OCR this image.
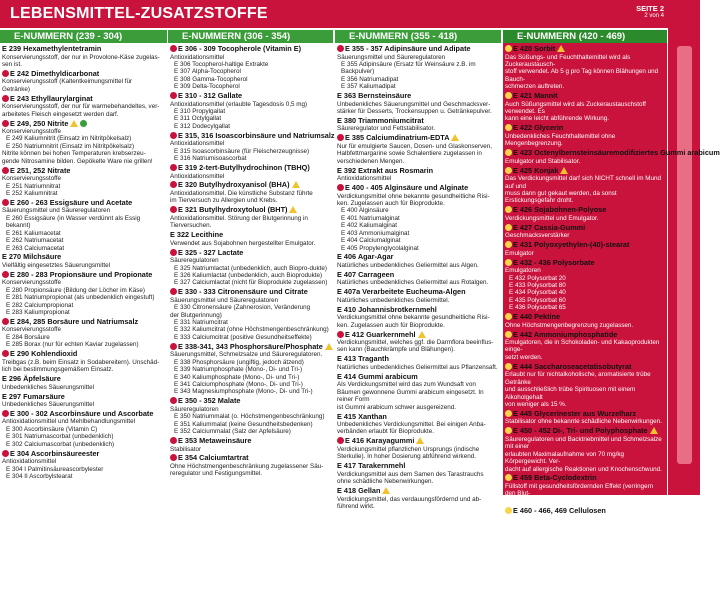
LEBENSMITTEL-ZUSATZSTOFFE	SEITE 2
2 von 4
E-NUMMERN (239 - 304)
E 239 Hexamethylentetramin
Konservierungsstoff, der nur in Provolone-Käse zugelas-
sen ist.
E 242 Dimethyldicarbonat
Konservierungsstoff (Kaltentkeimungsmittel für
Getränke)
E 243 Ethyllaurylarginat
Konservierungsstoff, der nur für warmebehandeltes, ver-
arbeitetes Fleisch eingesetzt werden darf.
E 249, 250 Nitrite
Konservierungsstoffe
E 249 Kaliumnitrit (Einsatz im Nitritpökelsalz)
E 250 Natriumnitrit (Einsatz im Nitritpökelsalz)
Nitrite können bei hohen Temperaturen krebserzeu-
gende Nitrosamine bilden. Gepökelte Ware nie grillen!
E 251, 252 Nitrate
Konservierungsstoffe
E 251 Natriumnitrat
E 252 Kaliumnitrat
E 260 - 263 Essigsäure und Acetate
Säuerungsmittel und Säureregulatoren
E 260 Essigsäure (in Wasser verdünnt als Essig bekannt)
E 261 Kaliumacetat
E 262 Natriumacetat
E 263 Calciumacetat
E 270 Milchsäure
Vielfältig eingesetztes Säuerungsmittel
E 280 - 283 Propionsäure und Propionate
Konservierungsstoffe
E 280 Propionsäure (Bildung der Löcher im Käse)
E 281 Natriumpropionat (als unbedenklich eingestuft)
E 282 Calciumpropionat
E 283 Kaliumpropionat
E 284, 285 Borsäure und Natriumsalz
Konservierungsstoffe
E 284 Borsäure
E 285 Borax (nur für echten Kaviar zugelassen)
E 290 Kohlendioxid
Treibgas (z.B. beim Einsatz in Sodabereitern). Unschäd-
lich bei bestimmungsgemäßem Einsatz.
E 296 Äpfelsäure
Unbedenkliches Säuerungsmittel
E 297 Fumarsäure
Unbedenkliches Säuerungsmittel
E 300 - 302 Ascorbinsäure und Ascorbate
Antioxidationsmittel und Mehlbehandlungsmittel
E 300 Ascorbinsäure (Vitamin C)
E 301 Natriumascorbat (unbedenklich)
E 302 Calciumascorbat (unbedenklich)
E 304 Ascorbinsäureester
Antioxidationsmittel
E 304 I Palmitinsäureascorbylester
E 304 II Ascorbylstearat
E-NUMMERN (306 - 354)
E 306 - 309 Tocopherole (Vitamin E)
Antioxidationsmittel
E 306 Tocopherol-haltige Extrakte
E 307 Alpha-Tocopherol
E 308 Gamma-Tocopherol
E 309 Delta-Tocopherol
E 310 - 312 Gallate
Antioxidationsmittel (erlaubte Tagesdosis 0,5 mg)
E 310 Propylgallat
E 311 Octylgallat
E 312 Dodecylgallat
E 315, 316 Isoascorbinsäure und Natriumsalz
Antioxidationsmittel
E 315 Isoascorbinsäure (für Fleischerzeugnisse)
E 316 Natriumisoascorbat
E 319 2-tert-Butylhydrochinon (TBHQ)
Antioxidationsmittel
E 320 Butylhydroxyanisol (BHA)
Antioxidationsmittel. Die künstliche Substanz führte
im Tierversuch zu Allergien und Krebs.
E 321 Butylhydroxytoluol (BHT)
Antioxidationsmittel. Störung der Blutgerinnung in
Tierversuchen.
E 322 Lecithine
Verwendet aus Sojabohnen hergestellter Emulgator.
E 325 - 327 Lactate
Säureregulatoren
E 325 Natriumlactat (unbedenklich, auch Biopro-dukte)
E 326 Kaliumlactat (unbedenklich, auch Bioprodukte)
E 327 Calciumlactat (nicht für Bioprodukte zugelassen)
E 330 - 333 Citronensäure und Citrate
Säuerungsmittel und Säureregulatoren
E 330 Citronensäure (Zahnerosion, Veränderung
der Blutgerinnung)
E 331 Natriumcitrat
E 332 Kaliumcitrat (ohne Höchstmengenbeschränkung)
E 333 Calciumcitrat (positive Gesundheitseffekte)
E 338-341, 343 Phosphorsäure/Phosphate
Säuerungsmittel, Schmelzsalze und Säureregulatoren.
E 338 Phosphorsäure (ungiftig, jedoch ätzend)
E 339 Natriumphosphate (Mono-, Di- und Tri-)
E 340 Kaliumphosphate (Mono-, Di- und Tri-)
E 341 Calciumphosphate (Mono-, Di- und Tri-)
E 343 Magnesiumphosphate (Mono-, Di- und Tri-)
E 350 - 352 Malate
Säureregulatoren
E 350 Natriummalat (o. Höchstmengenbeschränkung)
E 351 Kaliummalat (keine Gesundheitsbedenken)
E 352 Calciummalat (Salz der Apfelsäure)
E 353 Metaweinsäure
Stabilisator
E 354 Calciumtartrat
Ohne Höchstmengenbeschränkung zugelassener Säu-
reregulator und Festigungsmittel.
E-NUMMERN (355 - 418)
E 355 - 357 Adipinsäure und Adipate
Säuerungsmittel und Säureregulatoren
E 355 Adipinsäure (Ersatz für Weinsäure z.B. im Backpulver)
E 356 Natriumadipat
E 357 Kaliumadipat
E 363 Bernsteinsäure
Unbedenkliches Säuerungsmittel und Geschmacksver-
stärker für Desserts, Trockensuppen u. Getränkepulver.
E 380 Triammoniumcitrat
Säureregulator und Fettstabilisator.
E 385 Calciumdinatrium-EDTA
Nur für emulgierte Saucen, Dosen- und Glaskonserven,
Halbfettmargarine sowie Schalentiere zugelassen in
verschiedenen Mengen.
E 392 Extrakt aus Rosmarin
Antioxidationsmittel
E 400 - 405 Alginsäure und Alginate
Verdickungsmittel ohne bekannte gesundheitliche Risi-
ken. Zugelassen auch für Bioprodukte.
E 400 Alginsäure
E 401 Natriumalginat
E 402 Kaliumalginat
E 403 Ammoniumalginat
E 404 Calciumalginat
E 405 Propylenglycolalginat
E 406 Agar-Agar
Natürliches unbedenkliches Geliermittel aus Algen.
E 407 Carrageen
Natürliches unbedenkliches Geliermittel aus Rotalgen.
E 407a Verarbeitete Eucheuma-Algen
Natürliches unbedenkliches Geliermittel.
E 410 Johannisbrotkernmehl
Verdickungsmittel ohne bekannte gesundheitliche Risi-
ken. Zugelassen auch für Bioprodukte.
E 412 Guarkernmehl
Verdickungsmittel, welches ggf. die Darmflora beeinflus-
sen kann (Bauchkrämpfe und Blähungen).
E 413 Traganth
Natürliches unbedenkliches Geliermittel aus Pflanzensaft.
E 414 Gummi arabicum
Als Verdickungsmittel wird das zum Wundsaft von
Bäumen gewonnene Gummi arabicum eingesetzt. In reiner Form
ist Gummi arabicum schwer ausgereizend.
E 415 Xanthan
Unbedenkliches Verdickungsmittel. Bei einigen Anba-
verbänden erlaubt für Bioprodukte.
E 416 Karayagummi
Verdickungsmittel pflanzlichen Ursprungs (indische
Sterkulie). In hoher Dosierung abführend wirkend.
E 417 Tarakernmehl
Verdickungsmittel aus dem Samen des Tarastrauchs
ohne schädliche Nebenwirkungen.
E 418 Gellan
Verdickungsmittel, das verdauungsfördernd und ab-
führend wirkt.
E-NUMMERN (420 - 469)
E 420 Sorbit
Das Süßungs- und Feuchthaltemittel wird als Zuckeraustausch-
stoff verwendet. Ab 5 g pro Tag können Blähungen und Bauch-
schmerzen auftreten.
E 421 Mannit
Auch Süßungsmittel wird als Zuckeraustauschstoff verwendet. Es
kann eine leicht abführende Wirkung.
E 422 Glycerin
Unbedenkliches Feuchthaltemittel ohne Mengenbegrenzung.
E 423 Octenylbernsteinsäuremodifiziertes Gummi arabicum
Emulgator und Stabilisator.
E 425 Konjak
Das Verdickungsmittel darf sich NICHT schnell im Mund auf und
muss dann gut gekaut werden, da sonst Erstickungsgefahr droht.
E 426 Sojabohnen-Polyose
Verdickungsmittel und Emulgator.
E 427 Cassia-Gummi
Geschmacksverstärker
E 431 Polyoxyethylen-(40)-stearat
Emulgator
E 432 - 436 Polysorbate
Emulgatoren
E 432 Polysorbat 20
E 433 Polysorbat 80
E 434 Polysorbat 40
E 435 Polysorbat 60
E 436 Polysorbat 65
E 440 Pektine
Ohne Höchstmengenbegrenzung zugelassen.
E 442 Ammoniumphosphatide
Emulgatoren, die in Schokoladen- und Kakaoprodukten einge-
setzt werden.
E 444 Saccharoseacetatisobutyrat
Erlaubt nur für nichtalkoholische, aromatisierte trübe Getränke
und ausschließlich trübe Spirituosen mit einem Alkoholgehalt
von weniger als 15 %.
E 445 Glycerinester aus Wurzelharz
Stabilisator ohne bekannte schädliche Nebenwirkungen.
E 450 - 452 Di-, Tri- und Polyphosphate
Säureregulatoren und Backtriebmittel und Schmelzsalze mit einer
erlaubten Maximalaufnahme von 70 mg/kg Körpergewicht. Ver-
dacht auf allergische Reaktionen und Knochenschwund.
E 459 Beta-Cyclodextrin
Füllstoff mit gesundheitsfördernden Effekt (verringern den Blut-
zuckeranstieg nach stärkehaltigen Mahlzeiten).
E 460 - 466, 469 Cellulosen
Wohl der pflanzlicher Ballaststoff für den Menschen.
E 460 Mikrokristalline Cellulose / Cellulosepulver
E 461 Methylcellulose
E 462 Ethylcellulose
E 463 Hydroxypropylcellulose
E 464 Hydroxypropylmethylcellulose
E 465 Methylethylcellulose
E 466 Natriumcarboxymethylcellulose
E 469 Enzymatisch hydrolysierte Carboxymethylcellulose
